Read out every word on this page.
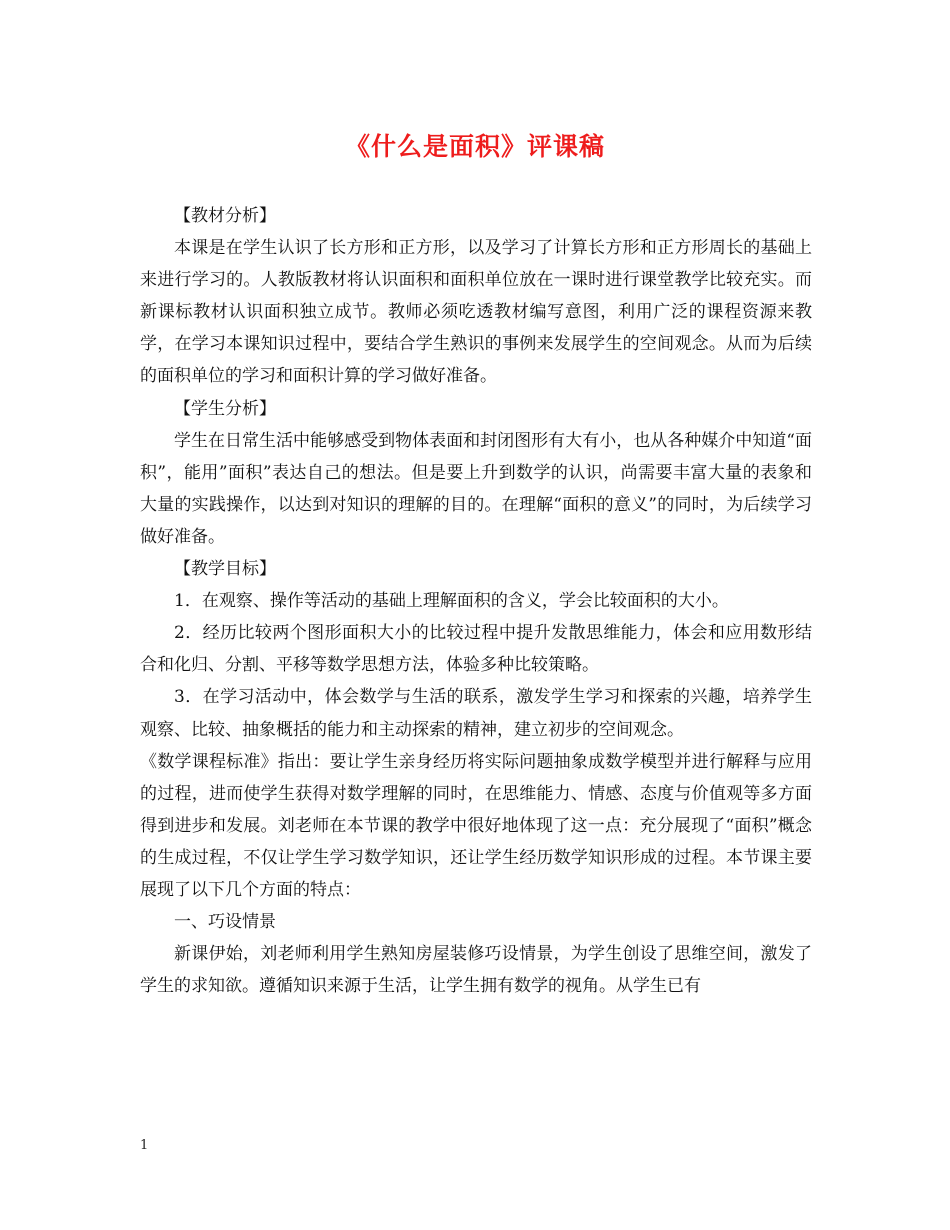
《什么是面积》评课稿

【教材分析】

本课是在学生认识了长方形和正方形，以及学习了计算长方形和正方形周长的基础上来进行学习的。人教版教材将认识面积和面积单位放在一课时进行课堂教学比较充实。而新课标教材认识面积独立成节。教师必须吃透教材编写意图，利用广泛的课程资源来教学，在学习本课知识过程中，要结合学生熟识的事例来发展学生的空间观念。从而为后续的面积单位的学习和面积计算的学习做好准备。

【学生分析】

学生在日常生活中能够感受到物体表面和封闭图形有大有小，也从各种媒介中知道“面积”，能用”面积”表达自己的想法。但是要上升到数学的认识，尚需要丰富大量的表象和大量的实践操作，以达到对知识的理解的目的。在理解“面积的意义”的同时，为后续学习做好准备。

【教学目标】

1．在观察、操作等活动的基础上理解面积的含义，学会比较面积的大小。

2．经历比较两个图形面积大小的比较过程中提升发散思维能力，体会和应用数形结合和化归、分割、平移等数学思想方法，体验多种比较策略。

3．在学习活动中，体会数学与生活的联系，激发学生学习和探索的兴趣，培养学生观察、比较、抽象概括的能力和主动探索的精神，建立初步的空间观念。

《数学课程标准》指出：要让学生亲身经历将实际问题抽象成数学模型并进行解释与应用的过程，进而使学生获得对数学理解的同时，在思维能力、情感、态度与价值观等多方面得到进步和发展。刘老师在本节课的教学中很好地体现了这一点：充分展现了“面积”概念的生成过程，不仅让学生学习数学知识，还让学生经历数学知识形成的过程。本节课主要展现了以下几个方面的特点：

一、巧设情景

新课伊始，刘老师利用学生熟知房屋装修巧设情景，为学生创设了思维空间，激发了学生的求知欲。遵循知识来源于生活，让学生拥有数学的视角。从学生已有

1
